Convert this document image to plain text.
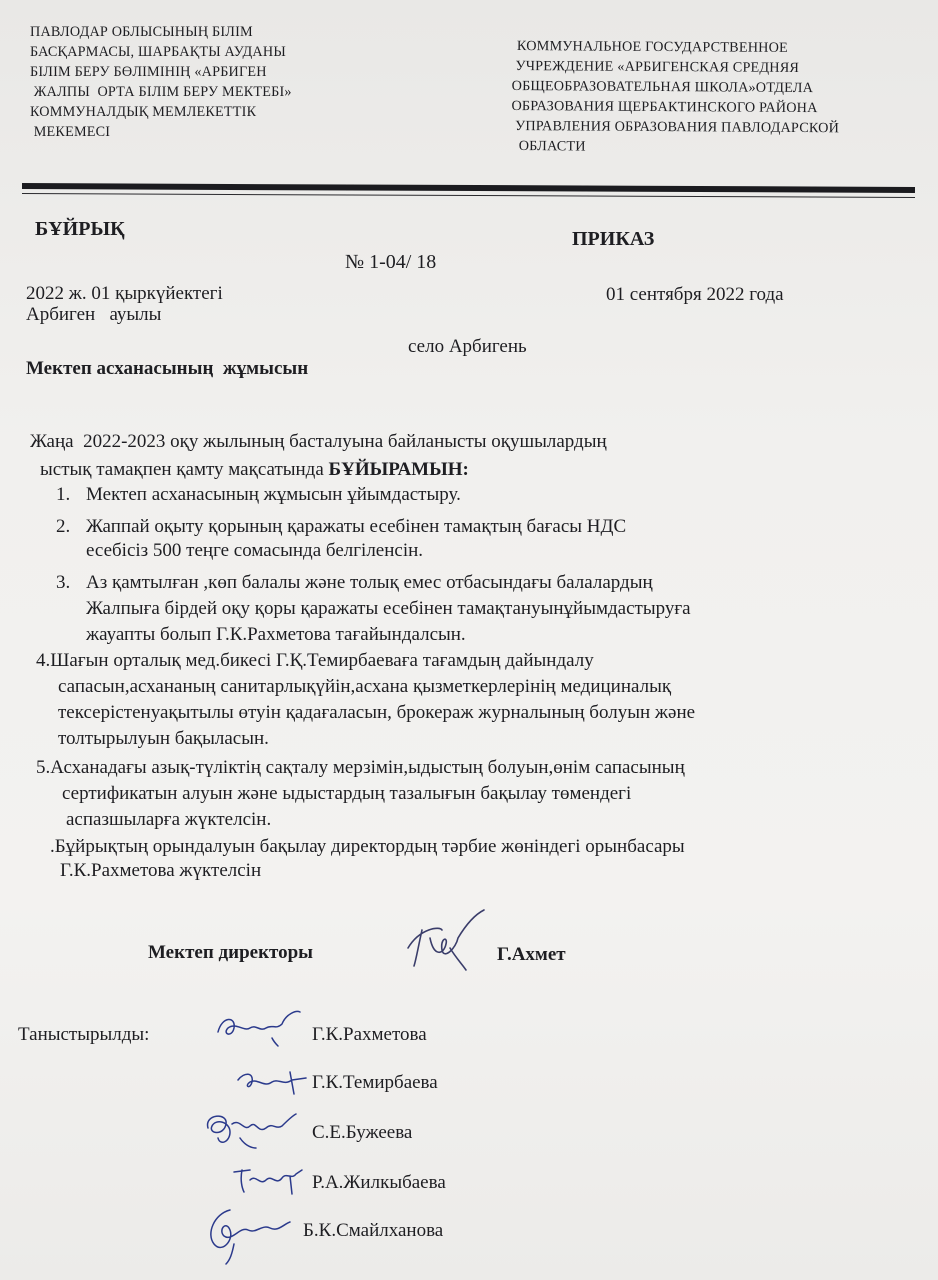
ПАВЛОДАР ОБЛЫСЫНЫҢ БІЛІМ
БАСҚАРМАСЫ, ШАРБАҚТЫ АУДАНЫ
БІЛІМ БЕРУ БӨЛІМІНІҢ «АРБИГЕН
ЖАЛПЫ  ОРТА БІЛІМ БЕРУ МЕКТЕБІ»
КОММУНАЛДЫҚ МЕМЛЕКЕТТІК
МЕКЕМЕСІ
КОММУНАЛЬНОЕ ГОСУДАРСТВЕННОЕ
УЧРЕЖДЕНИЕ «АРБИГЕНСКАЯ СРЕДНЯЯ
ОБЩЕОБРАЗОВАТЕЛЬНАЯ ШКОЛА»ОТДЕЛА
ОБРАЗОВАНИЯ ЩЕРБАКТИНСКОГО РАЙОНА
УПРАВЛЕНИЯ ОБРАЗОВАНИЯ ПАВЛОДАРСКОЙ
ОБЛАСТИ
БҰЙРЫҚ	ПРИКАЗ
№ 1-04/ 18
2022 ж. 01 қыркүйектегі	01 сентября 2022 года
Арбиген   ауылы
село Арбигень
Мектеп асханасының  жұмысын
Жаңа  2022-2023 оқу жылының басталуына байланысты оқушылардың
ыстық тамақпен қамту мақсатында БҰЙЫРАМЫН:
1. Мектеп асханасының жұмысын ұйымдастыру.
2. Жаппай оқыту қорының қаражаты есебінен тамақтың бағасы НДС
есебісіз 500 теңге сомасында белгіленсін.
3. Аз қамтылған ,көп балалы және толық емес отбасындағы балалардың
Жалпыға бірдей оқу қоры қаражаты есебінен тамақтануынұйымдастыруға
жауапты болып Г.К.Рахметова тағайындалсын.
4.Шағын орталық мед.бикесі Г.Қ.Темирбаеваға тағамдың дайындалу
сапасын,асхананың санитарлықүйін,асхана қызметкерлерінің медициналық
тексерістенуақытылы өтуін қадағаласын, брокераж журналының болуын және
толтырылуын бақыласын.
5.Асханадағы азық-түліктің сақталу мерзімін,ыдыстың болуын,өнім сапасының
сертификатын алуын және ыдыстардың тазалығын бақылау төмендегі
аспазшыларға жүктелсін.
.Бұйрықтың орындалуын бақылау директордың тәрбие жөніндегі орынбасары
Г.К.Рахметова жүктелсін
Мектеп директоры	Г.Ахмет
Таныстырылды:	Г.К.Рахметова
Г.К.Темирбаева
С.Е.Бужеева
Р.А.Жилкыбаева
Б.К.Смайлханова
